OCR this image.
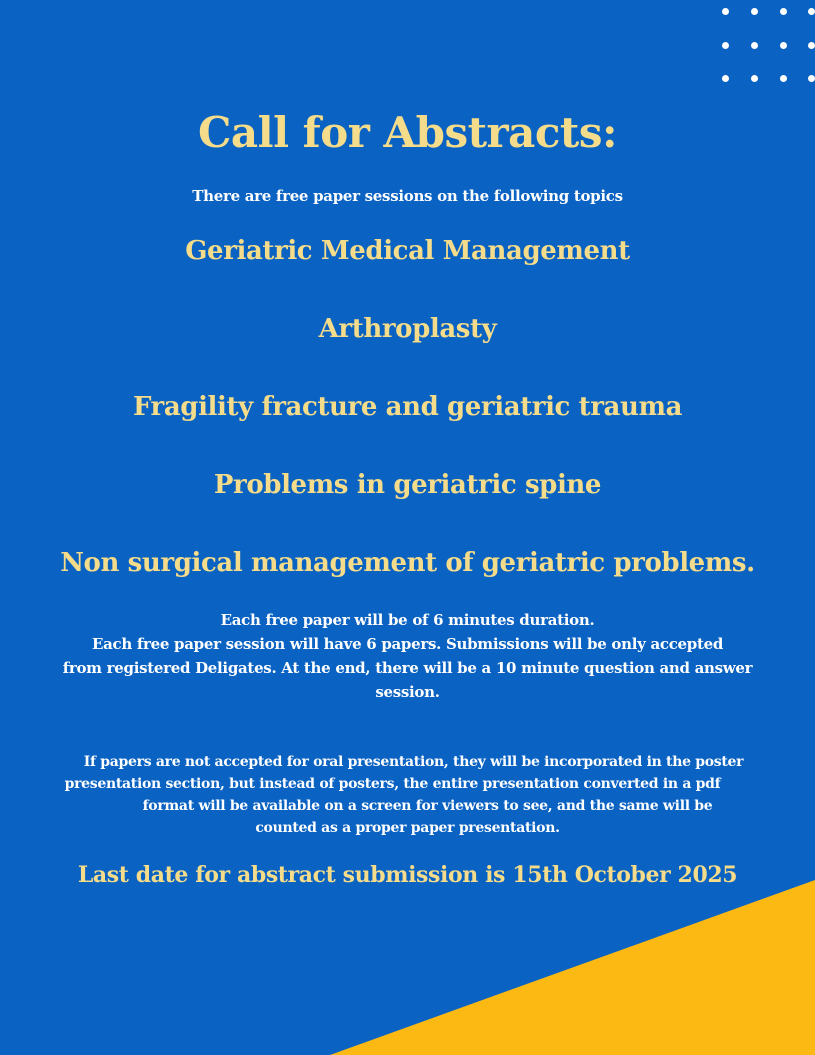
Call for Abstracts:

There are free paper sessions on the following topics

Geriatric Medical Management

Arthroplasty

Fragility fracture and geriatric trauma

Problems in geriatric spine

Non surgical management of geriatric problems.

Each free paper will be of 6 minutes duration.
Each free paper session will have 6 papers. Submissions will be only accepted
from registered Deligates. At the end, there will be a 10 minute question and answer
session.
If papers are not accepted for oral presentation, they will be incorporated in the poster
presentation section, but instead of posters, the entire presentation converted in a pdf
format will be available on a screen for viewers to see, and the same will be
counted as a proper paper presentation.

Last date for abstract submission is 15th October 2025
